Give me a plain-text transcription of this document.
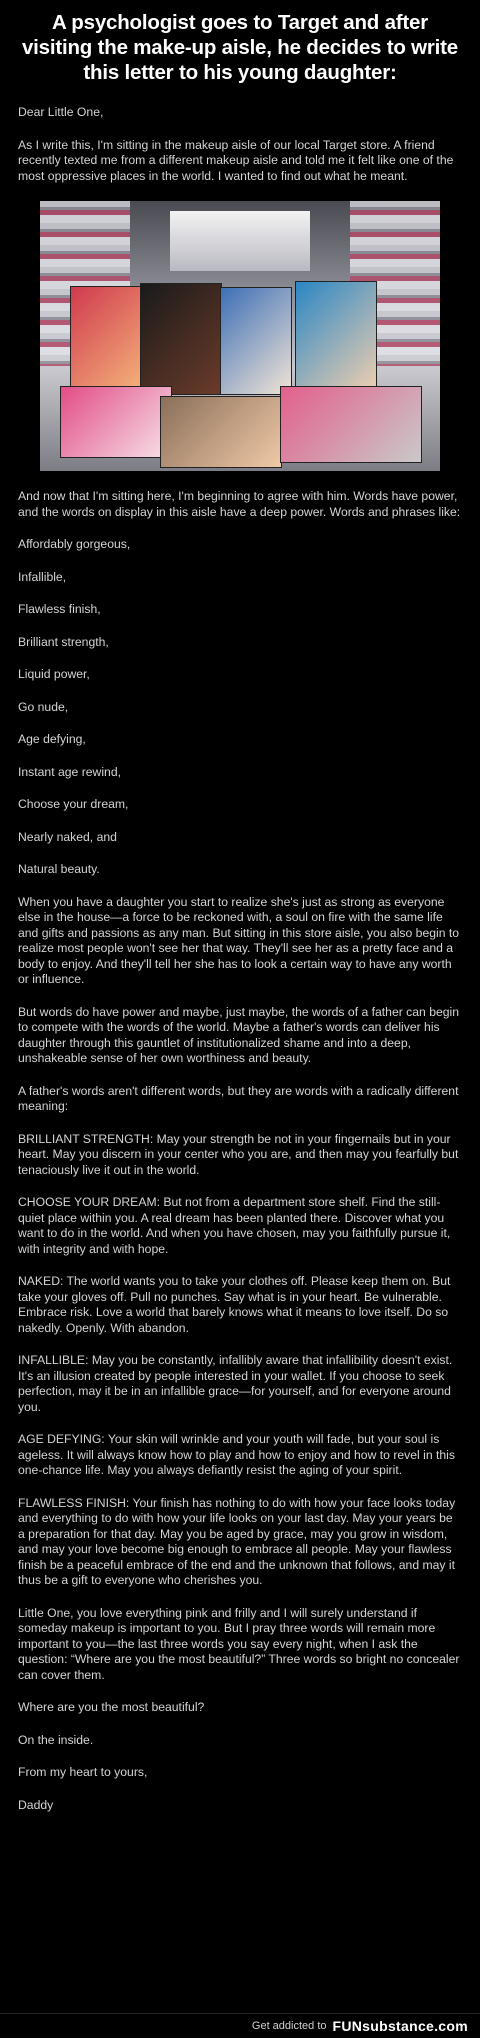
A psychologist goes to Target and after visiting the make-up aisle, he decides to write this letter to his young daughter:

Dear Little One,

As I write this, I'm sitting in the makeup aisle of our local Target store. A friend recently texted me from a different makeup aisle and told me it felt like one of the most oppressive places in the world. I wanted to find out what he meant.

And now that I'm sitting here, I'm beginning to agree with him. Words have power, and the words on display in this aisle have a deep power. Words and phrases like:

Affordably gorgeous,

Infallible,

Flawless finish,

Brilliant strength,

Liquid power,

Go nude,

Age defying,

Instant age rewind,

Choose your dream,

Nearly naked, and

Natural beauty.

When you have a daughter you start to realize she's just as strong as everyone else in the house—a force to be reckoned with, a soul on fire with the same life and gifts and passions as any man. But sitting in this store aisle, you also begin to realize most people won't see her that way. They'll see her as a pretty face and a body to enjoy. And they'll tell her she has to look a certain way to have any worth or influence.

But words do have power and maybe, just maybe, the words of a father can begin to compete with the words of the world. Maybe a father's words can deliver his daughter through this gauntlet of institutionalized shame and into a deep, unshakeable sense of her own worthiness and beauty.

A father's words aren't different words, but they are words with a radically different meaning:

BRILLIANT STRENGTH: May your strength be not in your fingernails but in your heart. May you discern in your center who you are, and then may you fearfully but tenaciously live it out in the world.

CHOOSE YOUR DREAM: But not from a department store shelf. Find the still-quiet place within you. A real dream has been planted there. Discover what you want to do in the world. And when you have chosen, may you faithfully pursue it, with integrity and with hope.

NAKED: The world wants you to take your clothes off. Please keep them on. But take your gloves off. Pull no punches. Say what is in your heart. Be vulnerable. Embrace risk. Love a world that barely knows what it means to love itself. Do so nakedly. Openly. With abandon.

INFALLIBLE: May you be constantly, infallibly aware that infallibility doesn't exist. It's an illusion created by people interested in your wallet. If you choose to seek perfection, may it be in an infallible grace—for yourself, and for everyone around you.

AGE DEFYING: Your skin will wrinkle and your youth will fade, but your soul is ageless. It will always know how to play and how to enjoy and how to revel in this one-chance life. May you always defiantly resist the aging of your spirit.

FLAWLESS FINISH: Your finish has nothing to do with how your face looks today and everything to do with how your life looks on your last day. May your years be a preparation for that day. May you be aged by grace, may you grow in wisdom, and may your love become big enough to embrace all people. May your flawless finish be a peaceful embrace of the end and the unknown that follows, and may it thus be a gift to everyone who cherishes you.

Little One, you love everything pink and frilly and I will surely understand if someday makeup is important to you. But I pray three words will remain more important to you—the last three words you say every night, when I ask the question: “Where are you the most beautiful?” Three words so bright no concealer can cover them.

Where are you the most beautiful?

On the inside.

From my heart to yours,

Daddy

Get addicted to FUNsubstance.com
